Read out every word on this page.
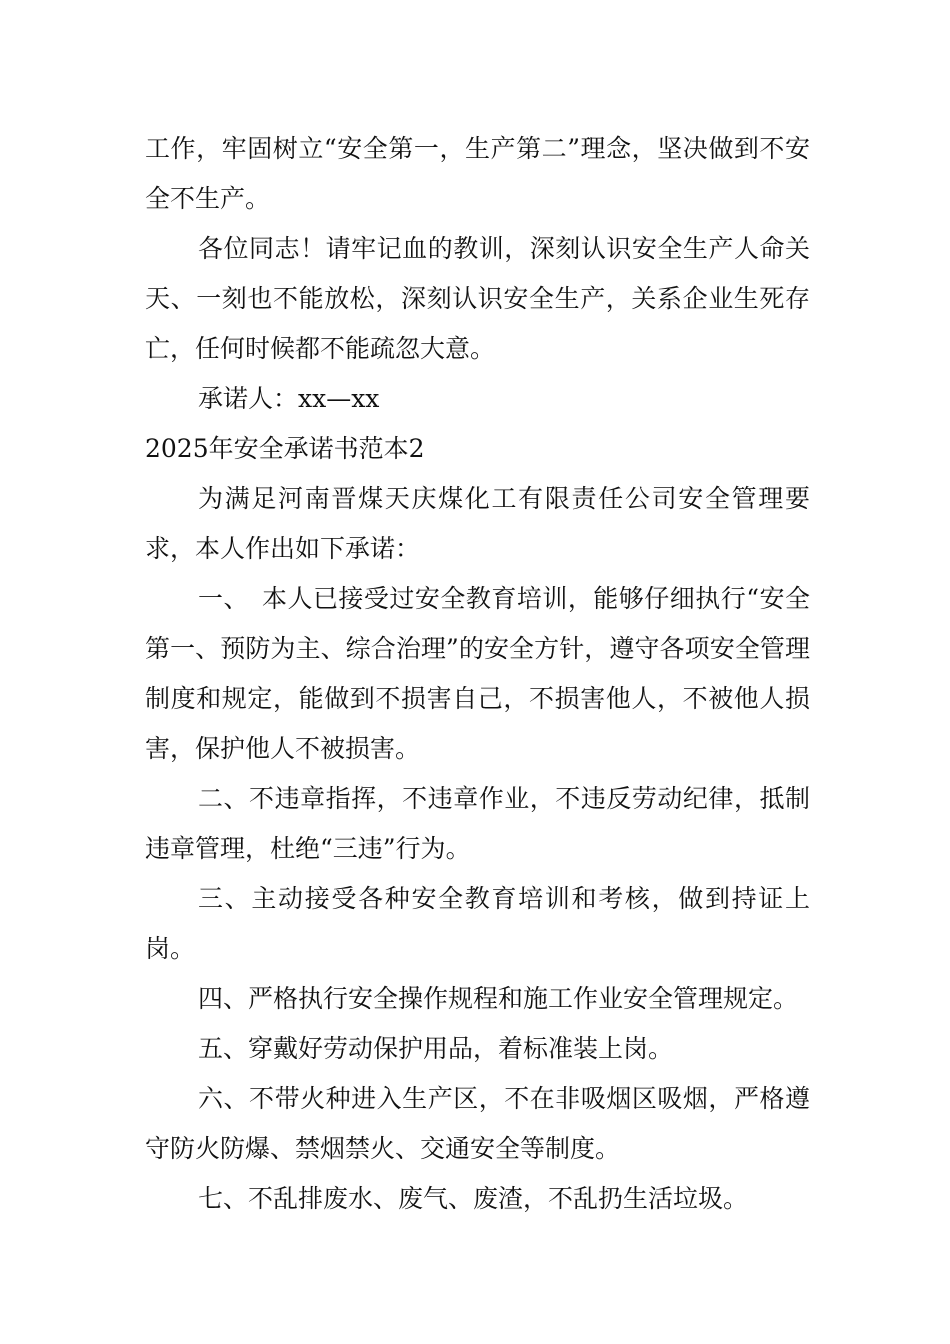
工作，牢固树立“安全第一，生产第二”理念，坚决做到不安全不生产。

各位同志！请牢记血的教训，深刻认识安全生产人命关天、一刻也不能放松，深刻认识安全生产，关系企业生死存亡，任何时候都不能疏忽大意。

承诺人：xx—xx

2025年安全承诺书范本2

为满足河南晋煤天庆煤化工有限责任公司安全管理要求，本人作出如下承诺：

一、　本人已接受过安全教育培训，能够仔细执行“安全第一、预防为主、综合治理”的安全方针，遵守各项安全管理制度和规定，能做到不损害自己，不损害他人，不被他人损害，保护他人不被损害。

二、不违章指挥，不违章作业，不违反劳动纪律，抵制违章管理，杜绝“三违”行为。

三、主动接受各种安全教育培训和考核，做到持证上岗。

四、严格执行安全操作规程和施工作业安全管理规定。

五、穿戴好劳动保护用品，着标准装上岗。

六、不带火种进入生产区，不在非吸烟区吸烟，严格遵守防火防爆、禁烟禁火、交通安全等制度。

七、不乱排废水、废气、废渣，不乱扔生活垃圾。
